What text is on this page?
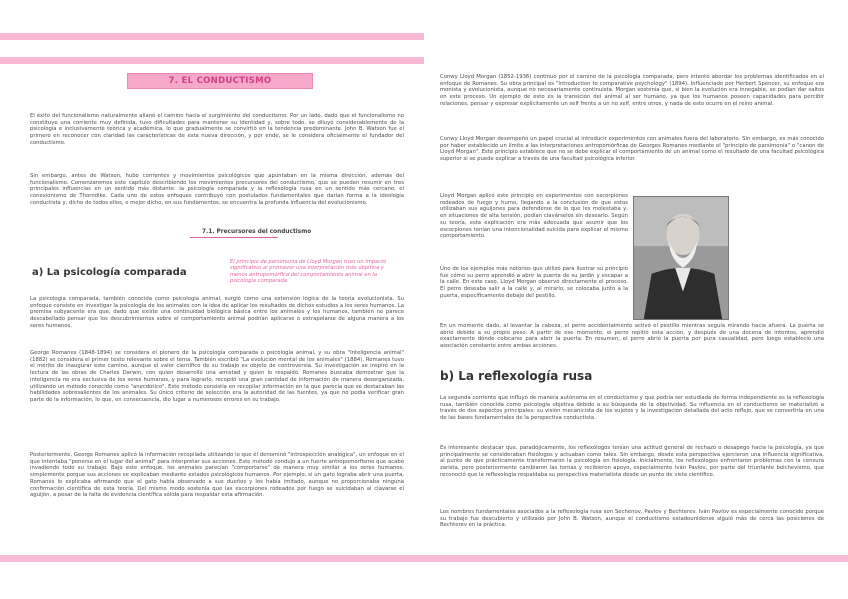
7. EL CONDUCTISMO
El éxito del funcionalismo naturalmente allanó el camino hacia el surgimiento del conductismo. Por un lado, dado que el funcionalismo no constituye una corriente muy definida, tuvo dificultades para mantener su identidad y, sobre todo, se diluyó considerablemente de la psicología e inclusivamente teórica y académica, lo que gradualmente se convirtió en la tendencia predominante. John B. Watson fue el primero en reconocer con claridad las características de esta nueva dirección, y por ende, se le considera oficialmente el fundador del conductismo.
Sin embargo, antes de Watson, hubo corrientes y movimientos psicológicos que apuntaban en la misma dirección, además del funcionalismo. Comenzaremos este capítulo describiendo los movimientos precursores del conductismo, que se pueden resumir en tres principales influencias en un sentido más distante: la psicología comparada y la reflexología rusa en un sentido más cercano, el conexionismo de Thorndike. Cada uno de estos enfoques contribuyó con postulados fundamentales que darían forma a la ideología conductista y, dicho de todos ellos, o mejor dicho, en sus fundamentos, se encuentra la profunda influencia del evolucionismo.
7.1. Precursores del conductismo
El principio de parsimonia de Lloyd Morgan tuvo un impacto significativo al promover una interpretación más objetiva y menos antropomórfica del comportamiento animal en la psicología comparada.
a) La psicología comparada
La psicología comparada, también conocida como psicología animal, surgió como una extensión lógica de la teoría evolucionista. Su enfoque consiste en investigar la psicología de los animales con la idea de aplicar los resultados de dichos estudios a los seres humanos. La premisa subyacente era que, dado que existe una continuidad biológica básica entre los animales y los humanos, también no parece descabellado pensar que los descubrimientos sobre el comportamiento animal podrían aplicarse o extrapolarse de alguna manera a los seres humanos.
George Romanes (1848-1894) se considera el pionero de la psicología comparada o psicología animal, y su obra "Inteligencia animal" (1882) se considera el primer texto relevante sobre el tema. También escribió "La evolución mental de los animales" (1884). Romanes tuvo el mérito de inaugurar este camino, aunque el valor científico de su trabajo es objeto de controversia. Su investigación se inspiró en la lectura de las obras de Charles Darwin, con quien desarrolló una amistad y quien lo respaldó. Romanes buscaba demostrar que la inteligencia no era exclusiva de los seres humanos, y para lograrlo, recopiló una gran cantidad de información de manera desorganizada, utilizando un método conocido como "anecdótico". Este método consistía en recopilar información en la que parecía que se destacaban las habilidades sobresalientes de los animales. Su único criterio de selección era la autoridad de las fuentes, ya que no podía verificar gran parte de la información, lo que, en consecuencia, dio lugar a numerosos errores en su trabajo.
Posteriormente, George Romanes aplicó la información recopilada utilizando lo que él denominó "introspección analógica", un enfoque en el que intentaba "ponerse en el lugar del animal" para interpretar sus acciones. Este método condujo a un fuerte antropomorfismo que acabó invadiendo todo su trabajo. Bajo este enfoque, los animales parecían "comportarse" de manera muy similar a los seres humanos, simplemente porque sus acciones se explicaban mediante estados psicológicos humanos. Por ejemplo, si un gato lograba abrir una puerta, Romanes lo explicaba afirmando que el gato había observado a sus dueños y los había imitado, aunque no proporcionaba ninguna confirmación científica de esta teoría. Del mismo modo sostenía que las escorpiones rodeados por fuego se suicidaban al clavarse el aguijón, a pesar de la falta de evidencia científica sólida para respaldar esta afirmación.
Conwy Lloyd Morgan (1852-1936) continuó por el camino de la psicología comparada, pero intentó abordar los problemas identificados en el enfoque de Romanes. Su obra principal es "Introduction to comparative psychology" (1894). Influenciado por Herbert Spencer, su enfoque era monista y evolucionista, aunque no necesariamente continuista. Morgan sostenía que, si bien la evolución era innegable, se podían dar saltos en este proceso. Un ejemplo de esto es la transición del animal al ser humano, ya que los humanos poseen capacidades para percibir relaciones, pensar y expresar explícitamente un self frente a un no self, entre otros, y nada de esto ocurre en el reino animal.
Conwy Lloyd Morgan desempeñó un papel crucial al introducir experimentos con animales fuera del laboratorio. Sin embargo, es más conocido por haber establecido un límite a las interpretaciones antropomórficas de Georges Romanes mediante el "principio de parsimonia" o "canon de Lloyd Morgan". Este principio establece que no se debe explicar el comportamiento de un animal como el resultado de una facultad psicológica superior si se puede explicar a través de una facultad psicológica inferior.
Lloyd Morgan aplicó este principio en experimentos con escorpiones rodeados de fuego y humo, llegando a la conclusión de que estos utilizaban sus aguijones para defenderse de lo que les molestaba y, en situaciones de alta tensión, podían clavárselos sin desearlo. Según su teoría, esta explicación era más adecuada que asumir que los escorpiones tenían una intencionalidad suicida para explicar el mismo comportamiento.
Uno de los ejemplos más notorios que utilizó para ilustrar su principio fue cómo su perro aprendió a abrir la puerta de su jardín y escapar a la calle. En este caso, Lloyd Morgan observó directamente el proceso. El perro deseaba salir a la calle y, al mirarlo, se colocaba junto a la puerta, específicamente debajo del pestillo.
En un momento dado, al levantar la cabeza, el perro accidentalmente activó el pestillo mientras seguía mirando hacia afuera. La puerta se abrió debido a su propio peso. A partir de ese momento, el perro repitió esta acción, y después de una docena de intentos, aprendió exactamente dónde colocarse para abrir la puerta. En resumen, el perro abrió la puerta por pura casualidad, pero luego estableció una asociación constante entre ambas acciones.
b) La reflexología rusa
La segunda corriente que influyó de manera autónoma en el conductismo y que podría ser estudiada de forma independiente es la reflexología rusa, también conocida como psicología objetiva debido a su búsqueda de la objetividad. Su influencia en el conductismo se materializó a través de dos aspectos principales: su visión mecanicista de los sujetos y la investigación detallada del acto reflejo, que se convertiría en una de las bases fundamentales de la perspectiva conductista.
Es interesante destacar que, paradójicamente, los reflexólogos tenían una actitud general de rechazo o desapego hacia la psicología, ya que principalmente se consideraban fisiólogos y actuaban como tales. Sin embargo, desde esta perspectiva ejercieron una influencia significativa, al punto de que prácticamente transformaron la psicología en fisiología. Inicialmente, los reflexólogos enfrentaron problemas con la censura zarista, pero posteriormente cambiaron las tornas y recibieron apoyo, especialmente Iván Pavlov, por parte del triunfante bolchevismo, que reconoció que la reflexología respaldaba su perspectiva materialista desde un punto de vista científico.
Los nombres fundamentales asociados a la reflexología rusa son Sechenov, Pavlov y Bechterev. Iván Pavlov es especialmente conocido porque su trabajo fue descubierto y utilizado por John B. Watson, aunque el conductismo estadounidense siguió más de cerca las posiciones de Bechterev en la práctica.
